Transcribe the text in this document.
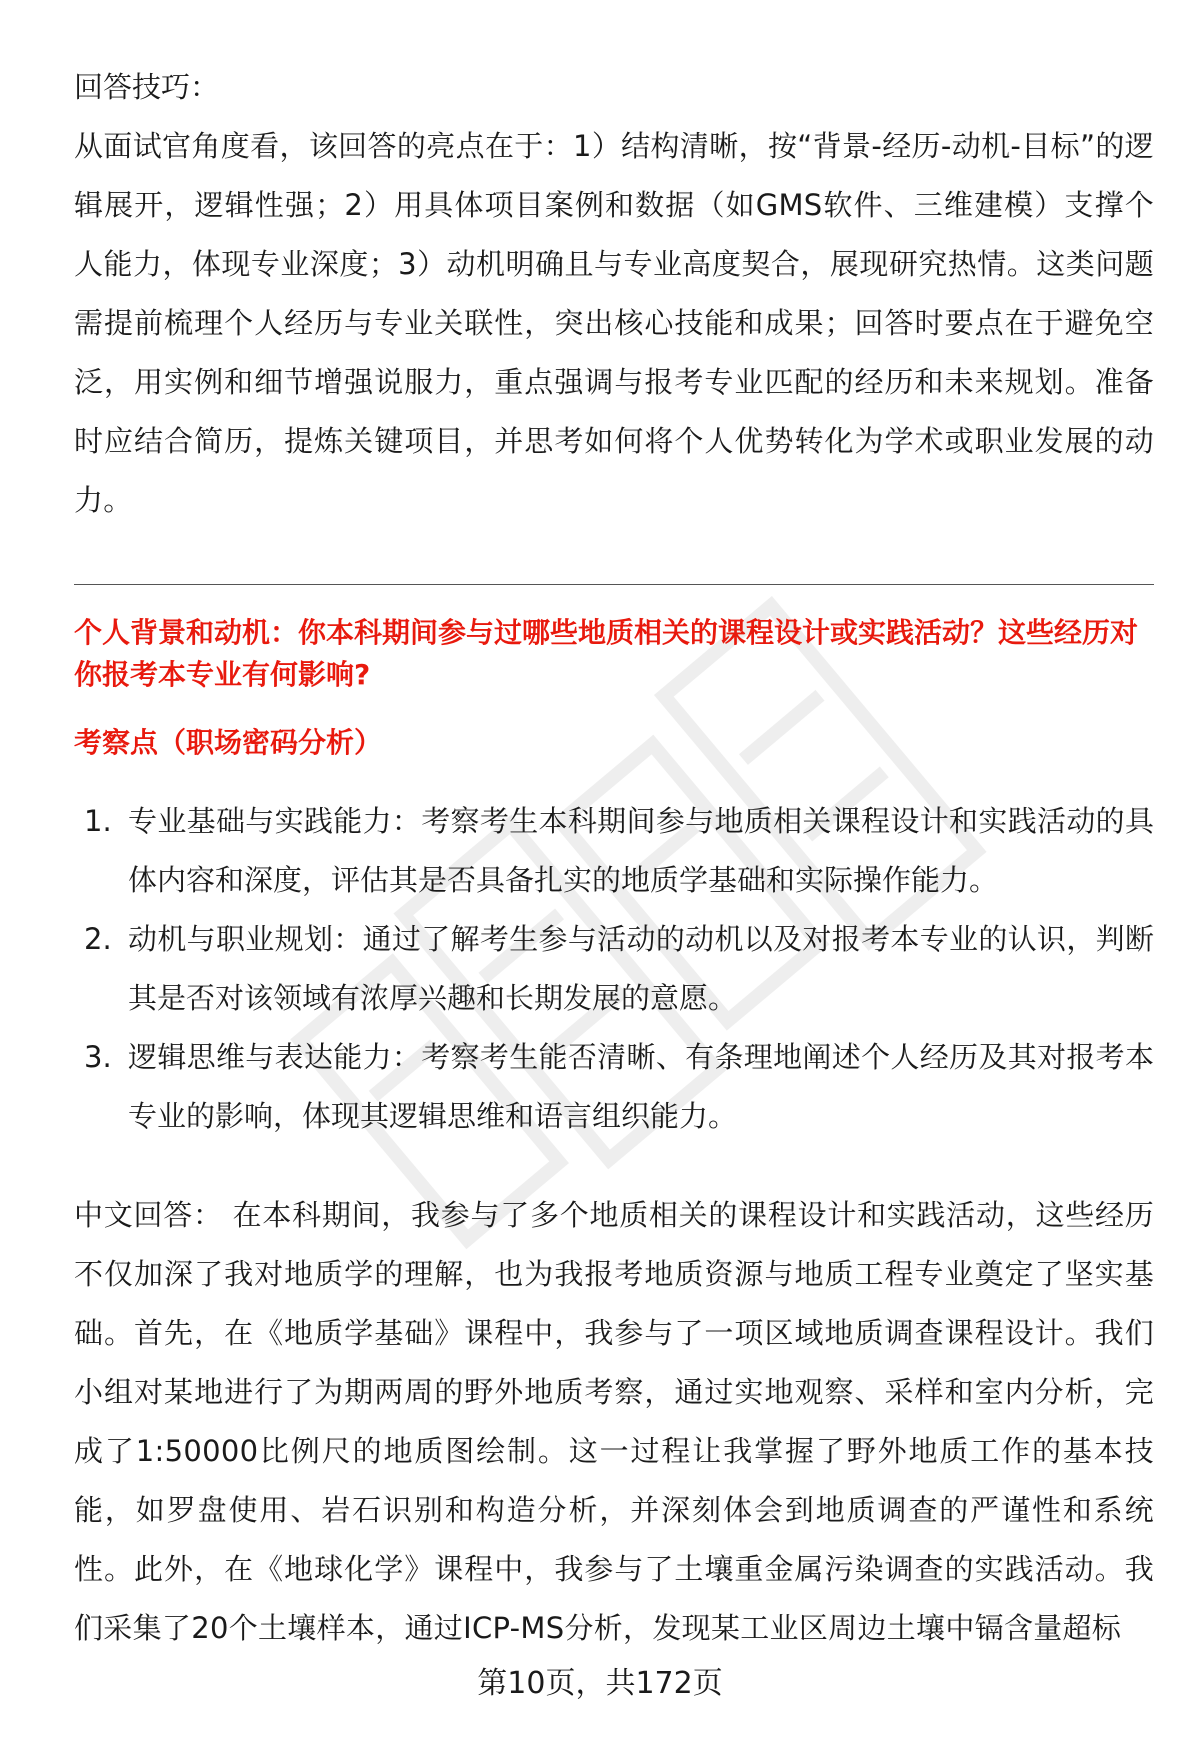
回答技巧：

从面试官角度看，该回答的亮点在于：1）结构清晰，按“背景-经历-动机-目标”的逻辑展开，逻辑性强；2）用具体项目案例和数据（如GMS软件、三维建模）支撑个人能力，体现专业深度；3）动机明确且与专业高度契合，展现研究热情。这类问题需提前梳理个人经历与专业关联性，突出核心技能和成果；回答时要点在于避免空泛，用实例和细节增强说服力，重点强调与报考专业匹配的经历和未来规划。准备时应结合简历，提炼关键项目，并思考如何将个人优势转化为学术或职业发展的动力。

个人背景和动机：你本科期间参与过哪些地质相关的课程设计或实践活动？这些经历对你报考本专业有何影响?

考察点（职场密码分析）

1. 专业基础与实践能力：考察考生本科期间参与地质相关课程设计和实践活动的具体内容和深度，评估其是否具备扎实的地质学基础和实际操作能力。
2. 动机与职业规划：通过了解考生参与活动的动机以及对报考本专业的认识，判断其是否对该领域有浓厚兴趣和长期发展的意愿。
3. 逻辑思维与表达能力：考察考生能否清晰、有条理地阐述个人经历及其对报考本专业的影响，体现其逻辑思维和语言组织能力。

中文回答： 在本科期间，我参与了多个地质相关的课程设计和实践活动，这些经历不仅加深了我对地质学的理解，也为我报考地质资源与地质工程专业奠定了坚实基础。首先，在《地质学基础》课程中，我参与了一项区域地质调查课程设计。我们小组对某地进行了为期两周的野外地质考察，通过实地观察、采样和室内分析，完成了1:50000比例尺的地质图绘制。这一过程让我掌握了野外地质工作的基本技能，如罗盘使用、岩石识别和构造分析，并深刻体会到地质调查的严谨性和系统性。此外，在《地球化学》课程中，我参与了土壤重金属污染调查的实践活动。我们采集了20个土壤样本，通过ICP-MS分析，发现某工业区周边土壤中镉含量超标

第10页，共172页
